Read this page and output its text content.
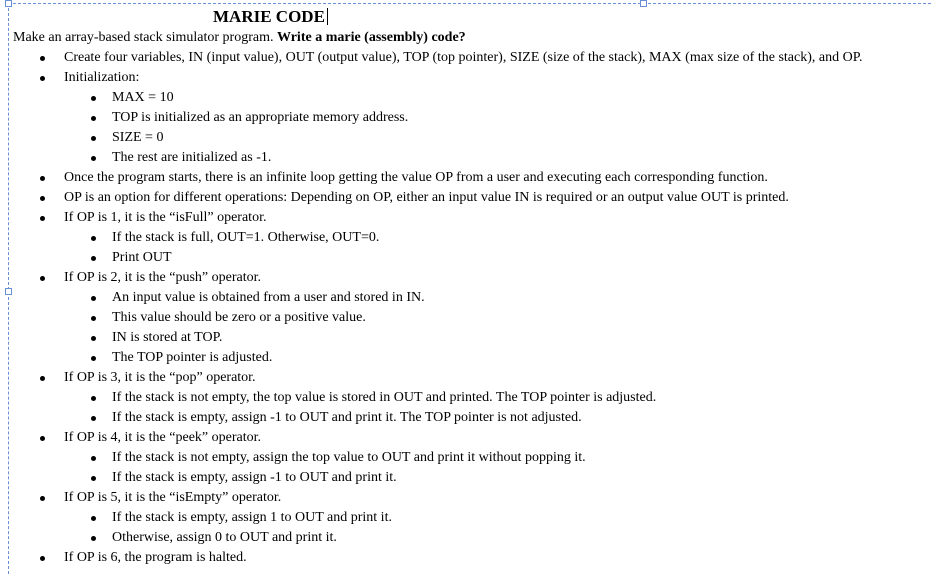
MARIE CODE
Make an array-based stack simulator program. Write a marie (assembly) code?
Create four variables, IN (input value), OUT (output value), TOP (top pointer), SIZE (size of the stack), MAX (max size of the stack), and OP.
Initialization:
MAX = 10
TOP is initialized as an appropriate memory address.
SIZE = 0
The rest are initialized as -1.
Once the program starts, there is an infinite loop getting the value OP from a user and executing each corresponding function.
OP is an option for different operations: Depending on OP, either an input value IN is required or an output value OUT is printed.
If OP is 1, it is the “isFull” operator.
If the stack is full, OUT=1. Otherwise, OUT=0.
Print OUT
If OP is 2, it is the “push” operator.
An input value is obtained from a user and stored in IN.
This value should be zero or a positive value.
IN is stored at TOP.
The TOP pointer is adjusted.
If OP is 3, it is the “pop” operator.
If the stack is not empty, the top value is stored in OUT and printed. The TOP pointer is adjusted.
If the stack is empty, assign -1 to OUT and print it. The TOP pointer is not adjusted.
If OP is 4, it is the “peek” operator.
If the stack is not empty, assign the top value to OUT and print it without popping it.
If the stack is empty, assign -1 to OUT and print it.
If OP is 5, it is the “isEmpty” operator.
If the stack is empty, assign 1 to OUT and print it.
Otherwise, assign 0 to OUT and print it.
If OP is 6, the program is halted.
